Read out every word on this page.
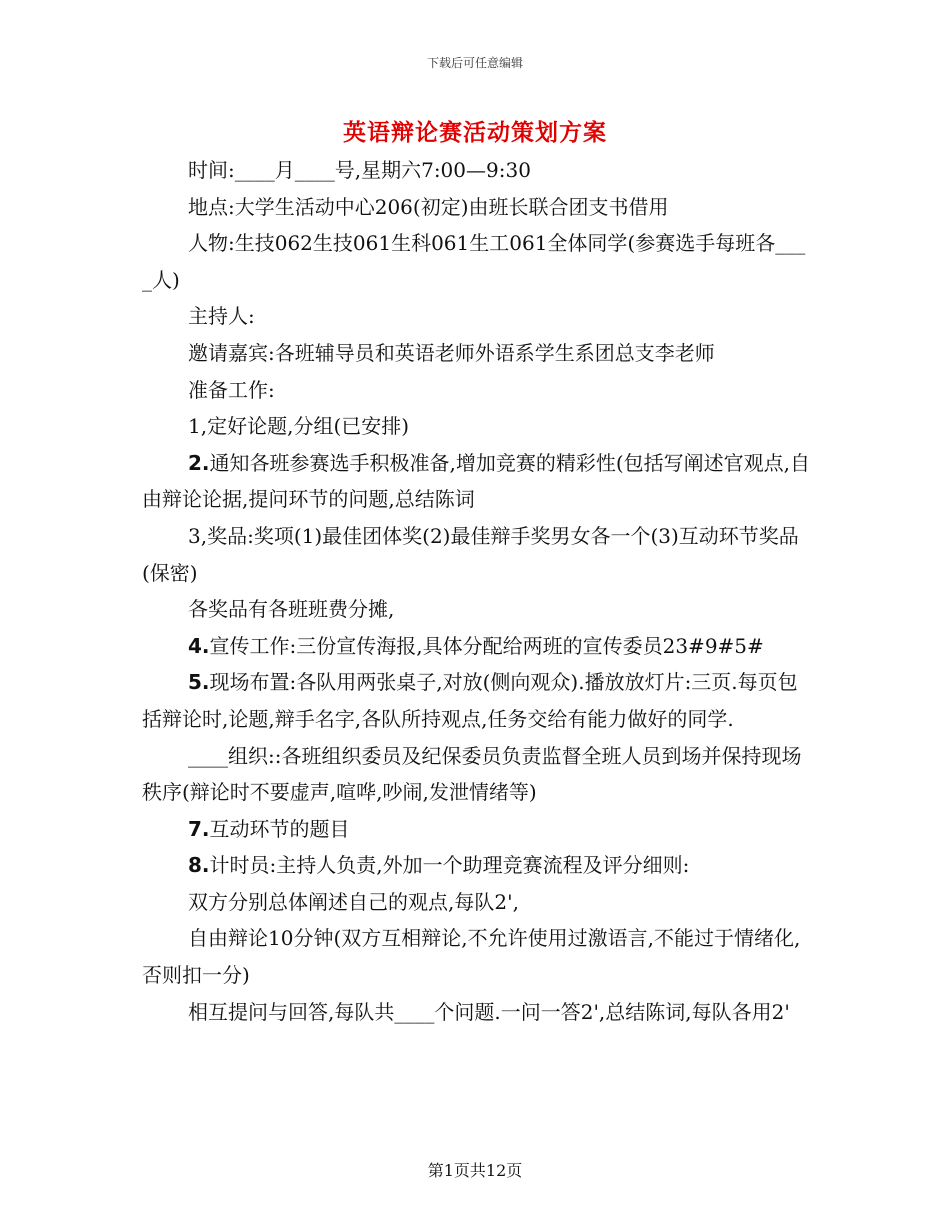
下载后可任意编辑
英语辩论赛活动策划方案

时间:____月____号,星期六7:00—9:30

地点:大学生活动中心206(初定)由班长联合团支书借用

人物:生技062生技061生科061生工061全体同学(参赛选手每班各____人)

主持人:

邀请嘉宾:各班辅导员和英语老师外语系学生系团总支李老师

准备工作:

1,定好论题,分组(已安排)

2.通知各班参赛选手积极准备,增加竞赛的精彩性(包括写阐述官观点,自由辩论论据,提问环节的问题,总结陈词

3,奖品:奖项(1)最佳团体奖(2)最佳辩手奖男女各一个(3)互动环节奖品(保密)

各奖品有各班班费分摊,

4.宣传工作:三份宣传海报,具体分配给两班的宣传委员23#9#5#

5.现场布置:各队用两张桌子,对放(侧向观众).播放放灯片:三页.每页包括辩论时,论题,辩手名字,各队所持观点,任务交给有能力做好的同学.

____组织::各班组织委员及纪保委员负责监督全班人员到场并保持现场秩序(辩论时不要虚声,喧哗,吵闹,发泄情绪等)

7.互动环节的题目

8.计时员:主持人负责,外加一个助理竞赛流程及评分细则:

双方分别总体阐述自己的观点,每队2',

自由辩论10分钟(双方互相辩论,不允许使用过激语言,不能过于情绪化,否则扣一分)

相互提问与回答,每队共____个问题.一问一答2',总结陈词,每队各用2'

第1页共12页
